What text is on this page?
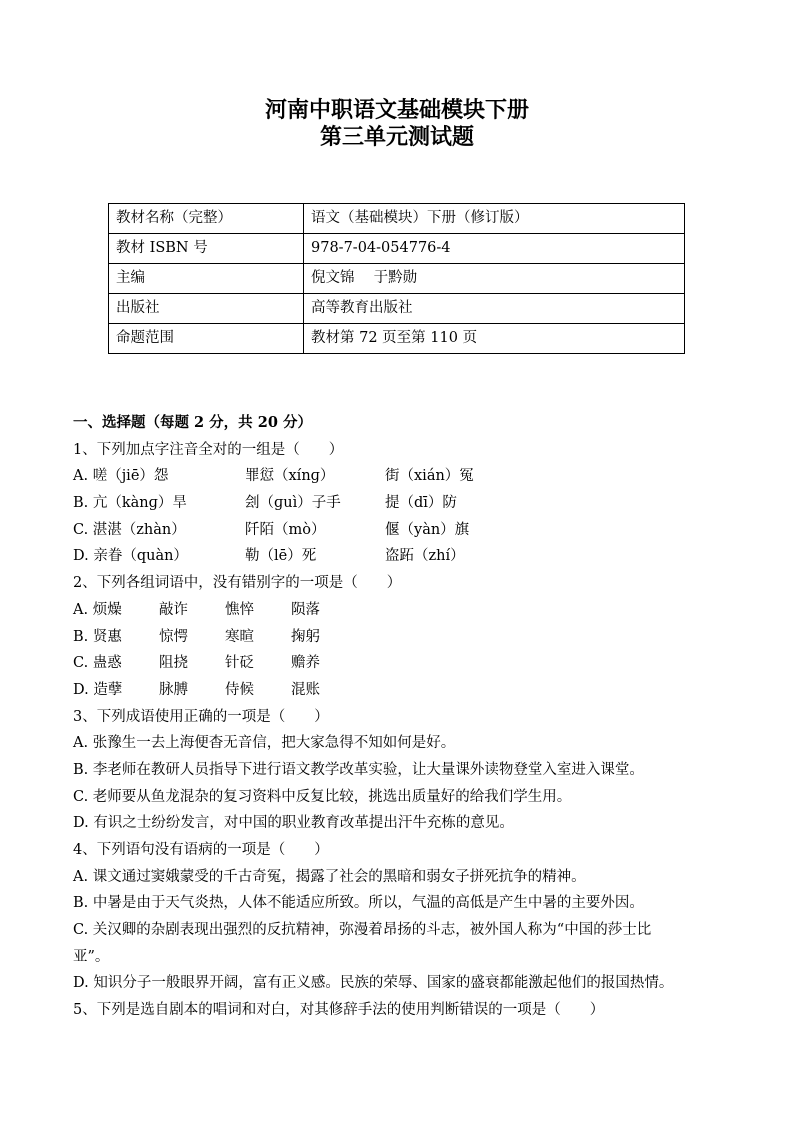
河南中职语文基础模块下册
第三单元测试题
教材名称（完整）	语文（基础模块）下册（修订版）
教材 ISBN 号	978-7-04-054776-4
主编	倪文锦　 于黔勋
出版社	高等教育出版社
命题范围	教材第 72 页至第 110 页
一、选择题（每题 2 分，共 20 分）
1、下列加点字注音全对的一组是（　　）
A. 嗟（jiē）怨	罪愆（xínɡ）	街（xián）冤
B. 亢（kànɡ）旱	刽（ɡuì）子手	提（dī）防
C. 湛湛（zhàn）	阡陌（mò）	偃（yàn）旗
D. 亲眷（quàn）	勒（lē）死	盗跖（zhí）
2、下列各组词语中，没有错别字的一项是（　　）
A. 烦燥	敲诈	憔悴	陨落
B. 贤惠	惊愕	寒暄	掬躬
C. 蛊惑	阻挠	针砭	赡养
D. 造孽	脉膊	侍候	混账
3、下列成语使用正确的一项是（　　）
A. 张豫生一去上海便杳无音信，把大家急得不知如何是好。
B. 李老师在教研人员指导下进行语文教学改革实验，让大量课外读物登堂入室进入课堂。
C. 老师要从鱼龙混杂的复习资料中反复比较，挑选出质量好的给我们学生用。
D. 有识之士纷纷发言，对中国的职业教育改革提出汗牛充栋的意见。
4、下列语句没有语病的一项是（　　）
A. 课文通过窦娥蒙受的千古奇冤，揭露了社会的黑暗和弱女子拼死抗争的精神。
B. 中暑是由于天气炎热，人体不能适应所致。所以，气温的高低是产生中暑的主要外因。
C. 关汉卿的杂剧表现出强烈的反抗精神，弥漫着昂扬的斗志，被外国人称为“中国的莎士比
亚”。
D. 知识分子一般眼界开阔，富有正义感。民族的荣辱、国家的盛衰都能激起他们的报国热情。
5、下列是选自剧本的唱词和对白，对其修辞手法的使用判断错误的一项是（　　）
